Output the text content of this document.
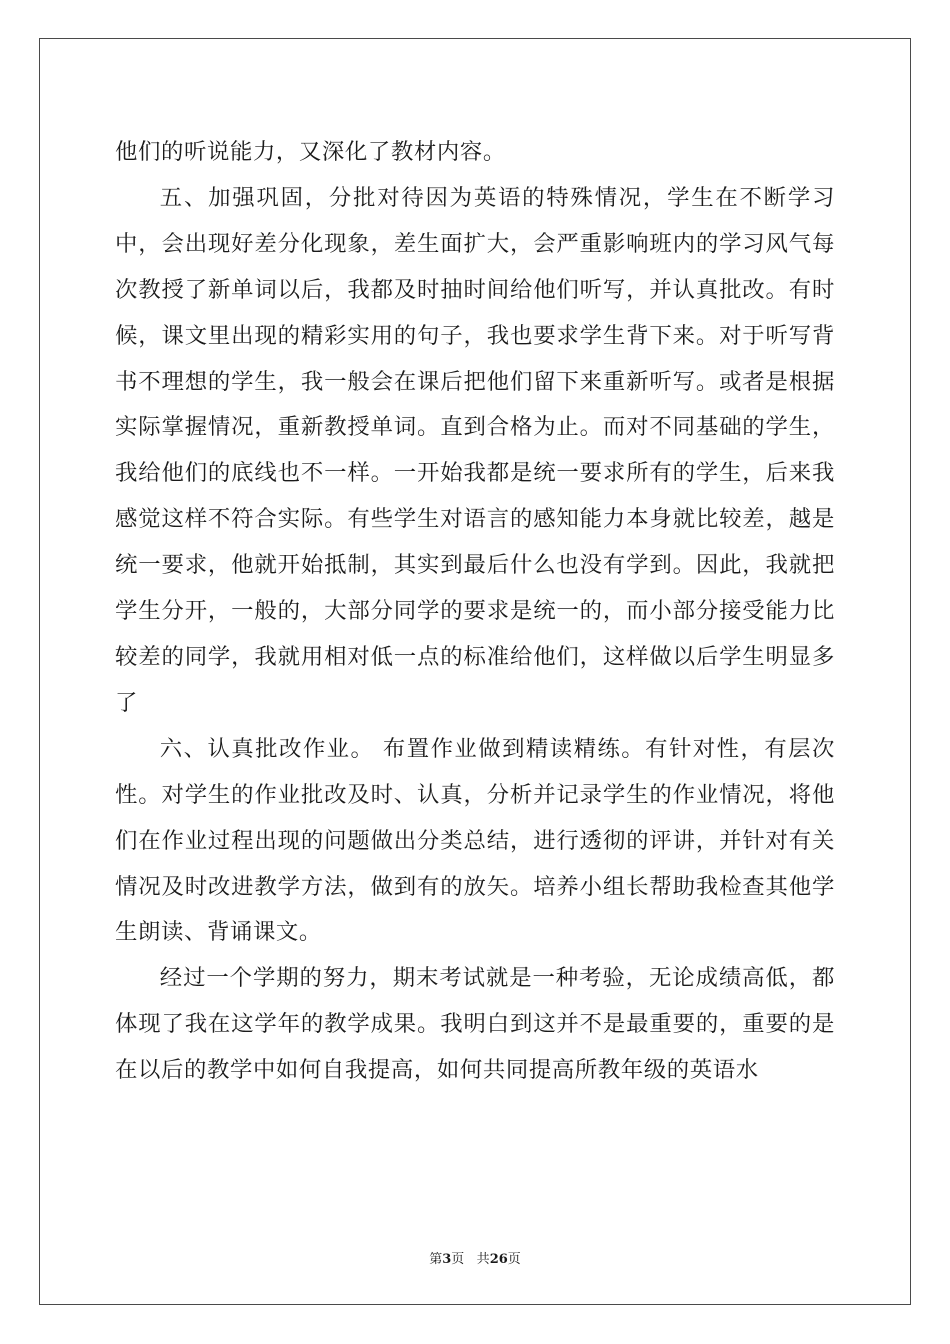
他们的听说能力，又深化了教材内容。

五、加强巩固，分批对待因为英语的特殊情况，学生在不断学习中，会出现好差分化现象，差生面扩大，会严重影响班内的学习风气每次教授了新单词以后，我都及时抽时间给他们听写，并认真批改。有时候，课文里出现的精彩实用的句子，我也要求学生背下来。对于听写背书不理想的学生，我一般会在课后把他们留下来重新听写。或者是根据实际掌握情况，重新教授单词。直到合格为止。而对不同基础的学生，我给他们的底线也不一样。一开始我都是统一要求所有的学生，后来我感觉这样不符合实际。有些学生对语言的感知能力本身就比较差，越是统一要求，他就开始抵制，其实到最后什么也没有学到。因此，我就把学生分开，一般的，大部分同学的要求是统一的，而小部分接受能力比较差的同学，我就用相对低一点的标准给他们，这样做以后学生明显多了

六、认真批改作业。 布置作业做到精读精练。有针对性，有层次性。对学生的作业批改及时、认真，分析并记录学生的作业情况，将他们在作业过程出现的问题做出分类总结，进行透彻的评讲，并针对有关情况及时改进教学方法，做到有的放矢。培养小组长帮助我检查其他学生朗读、背诵课文。

经过一个学期的努力，期末考试就是一种考验，无论成绩高低，都体现了我在这学年的教学成果。我明白到这并不是最重要的，重要的是在以后的教学中如何自我提高，如何共同提高所教年级的英语水

第3页 共26页
